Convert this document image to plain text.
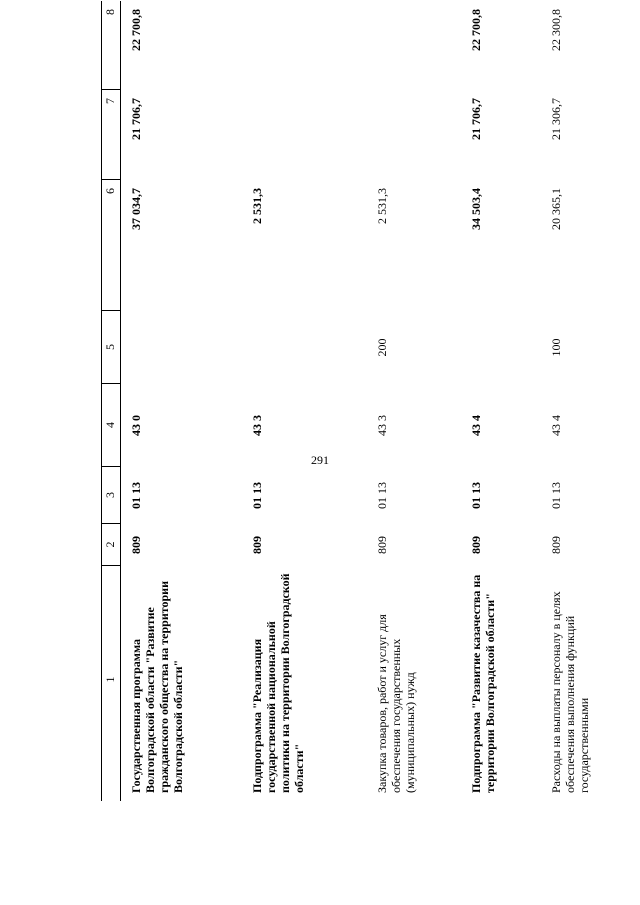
291
1
2
3
4
5
6
7
8
Государственная программа Волгоградской области "Развитие гражданского общества на территории Волгоградской области"
809
01 13
43 0
37 034,7
21 706,7
22 700,8
Подпрограмма "Реализация государственной национальной политики на территории Волгоградской области"
809
01 13
43 3
2 531,3
Закупка товаров, работ и услуг для обеспечения государственных (муниципальных) нужд
809
01 13
43 3
200
2 531,3
Подпрограмма "Развитие казачества на территории Волгоградской области"
809
01 13
43 4
34 503,4
21 706,7
22 700,8
Расходы на выплаты персоналу в целях обеспечения выполнения функций государственными
809
01 13
43 4
100
20 365,1
21 306,7
22 300,8
